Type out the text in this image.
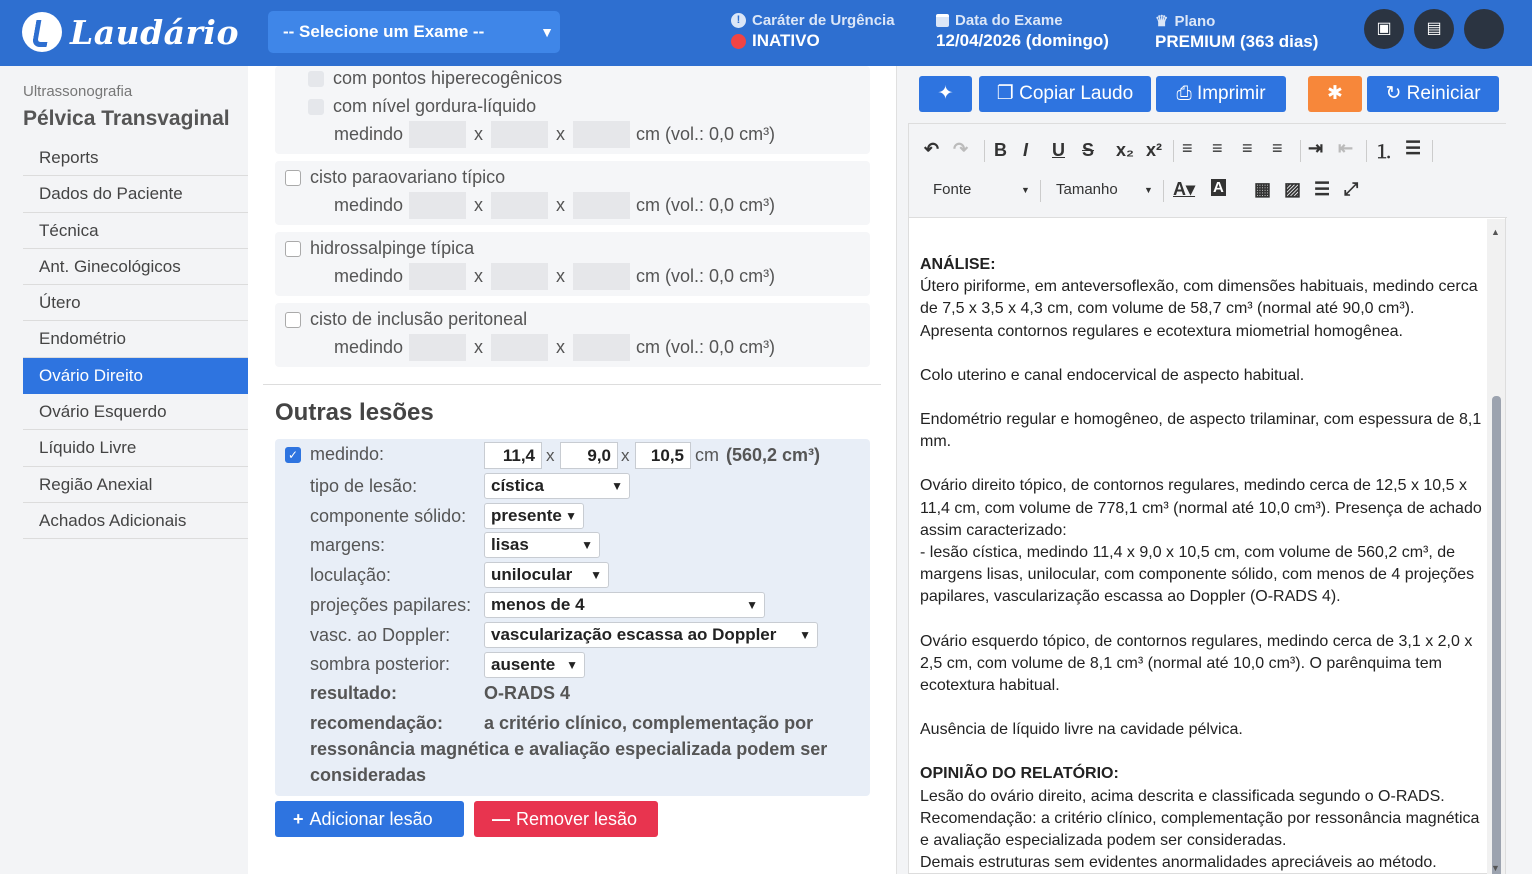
Laudário	-- Selecione um Exame --	▼
! Caráter de Urgência
INATIVO
Data do Exame
12/04/2026 (domingo)
♛ Plano
PREMIUM (363 dias)
▣	▤
Ultrassonografia
Pélvica Transvaginal
Reports
Dados do Paciente
Técnica
Ant. Ginecológicos
Útero
Endométrio
Ovário Direito
Ovário Esquerdo
Líquido Livre
Região Anexial
Achados Adicionais
com pontos hiperecogênicos
com nível gordura-líquido
medindo	x	x	cm (vol.: 0,0 cm³)
cisto paraovariano típico
medindo	x	x	cm (vol.: 0,0 cm³)
hidrossalpinge típica
medindo	x	x	cm (vol.: 0,0 cm³)
cisto de inclusão peritoneal
medindo	x	x	cm (vol.: 0,0 cm³)
Outras lesões
✓ medindo:	11,4 x	9,0 x	10,5 cm (560,2 cm³)
tipo de lesão:	cística	▼
componente sólido:	presente ▼
margens:	lisas	▼
loculação:	unilocular ▼
projeções papilares:	menos de 4	▼
vasc. ao Doppler:	vascularização escassa ao Doppler ▼
sombra posterior:	ausente ▼
resultado:	O-RADS 4
recomendação: a critério clínico, complementação por
ressonância magnética e avaliação especializada podem ser
consideradas
+ Adicionar lesão	— Remover lesão
✦	❐ Copiar Laudo	⎙ Imprimir	✱	↻ Reiniciar
↶ ↷ B I U S x₂ x² ≡ ≡ ≡ ≡ ⇥ ⇤ ⒈ ☰
Fonte	▼ Tamanho	▼ A▾ A ▦ ▨ ☰ ⤢

ANÁLISE:
Útero piriforme, em anteversoflexão, com dimensões habituais, medindo cerca de 7,5 x 3,5 x 4,3 cm, com volume de 58,7 cm³ (normal até 90,0 cm³). Apresenta contornos regulares e ecotextura miometrial homogênea.

Colo uterino e canal endocervical de aspecto habitual.

Endométrio regular e homogêneo, de aspecto trilaminar, com espessura de 8,1 mm.

Ovário direito tópico, de contornos regulares, medindo cerca de 12,5 x 10,5 x 11,4 cm, com volume de 778,1 cm³ (normal até 10,0 cm³). Presença de achado assim caracterizado:
- lesão cística, medindo 11,4 x 9,0 x 10,5 cm, com volume de 560,2 cm³, de margens lisas, unilocular, com componente sólido, com menos de 4 projeções papilares, vascularização escassa ao Doppler (O-RADS 4).

Ovário esquerdo tópico, de contornos regulares, medindo cerca de 3,1 x 2,0 x 2,5 cm, com volume de 8,1 cm³ (normal até 10,0 cm³). O parênquima tem ecotextura habitual.

Ausência de líquido livre na cavidade pélvica.

OPINIÃO DO RELATÓRIO:
Lesão do ovário direito, acima descrita e classificada segundo o O-RADS.
Recomendação: a critério clínico, complementação por ressonância magnética e avaliação especializada podem ser consideradas.
Demais estruturas sem evidentes anormalidades apreciáveis ao método.

▲
▼
